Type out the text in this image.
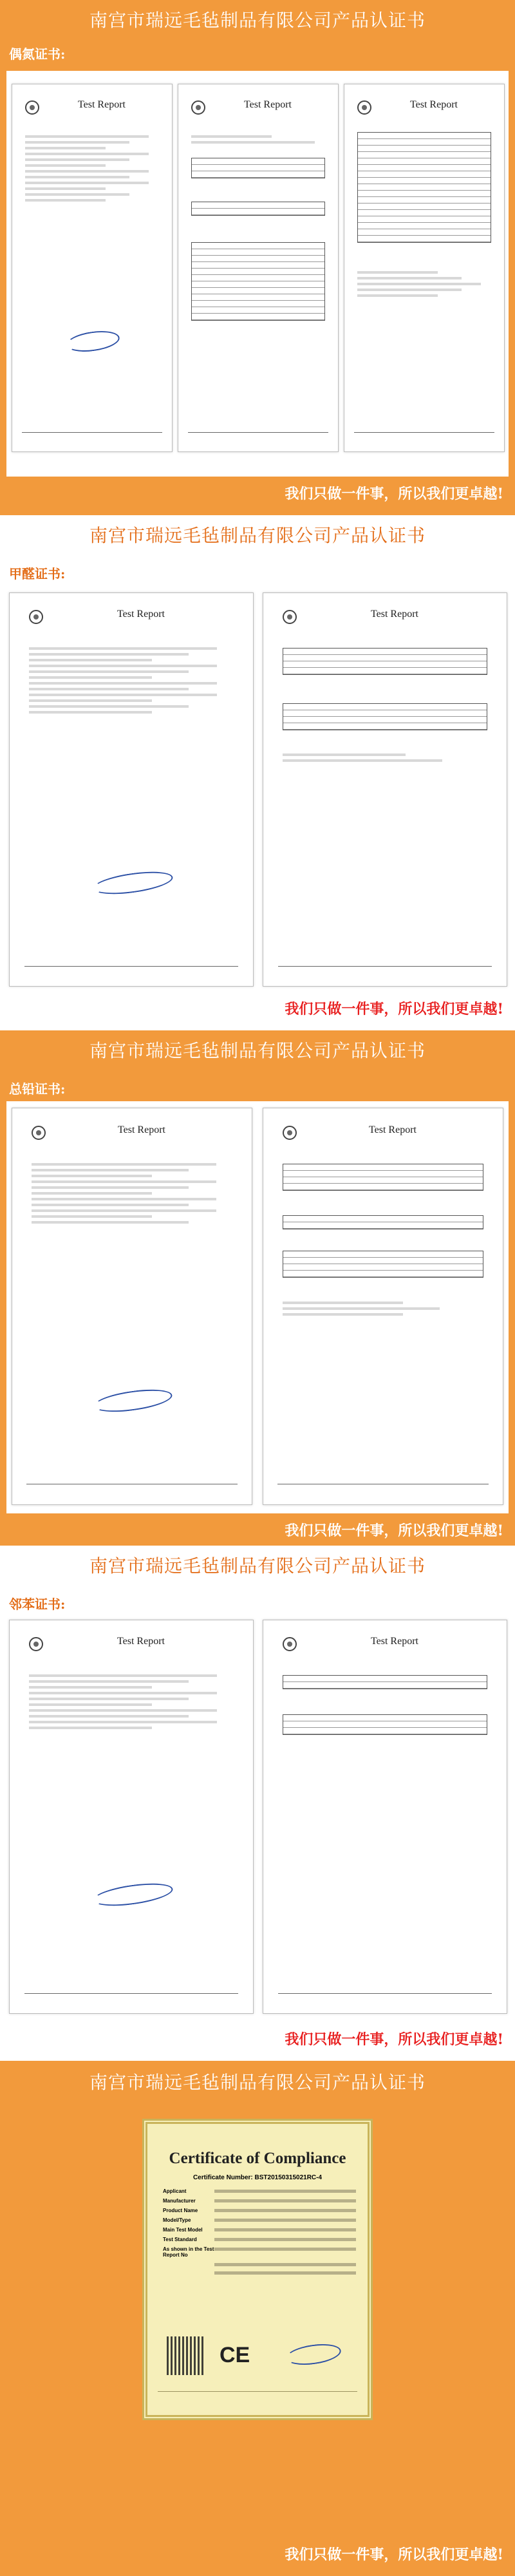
南宫市瑞远毛毡制品有限公司产品认证书
偶氮证书:
Test Report	Test Report	Test Report
我们只做一件事，所以我们更卓越!
南宫市瑞远毛毡制品有限公司产品认证书
甲醛证书:
Test Report	Test Report
我们只做一件事，所以我们更卓越!
南宫市瑞远毛毡制品有限公司产品认证书
总铅证书:
Test Report	Test Report
我们只做一件事，所以我们更卓越!
南宫市瑞远毛毡制品有限公司产品认证书
邻苯证书:
Test Report	Test Report
我们只做一件事，所以我们更卓越!
南宫市瑞远毛毡制品有限公司产品认证书
我们只做一件事，所以我们更卓越!
Certificate of Compliance
Certificate Number: BST20150315021RC-4
Applicant
Manufacturer
Product Name
Model/Type
Main Test Model
Test Standard
As shown in the Test Report No
CE
